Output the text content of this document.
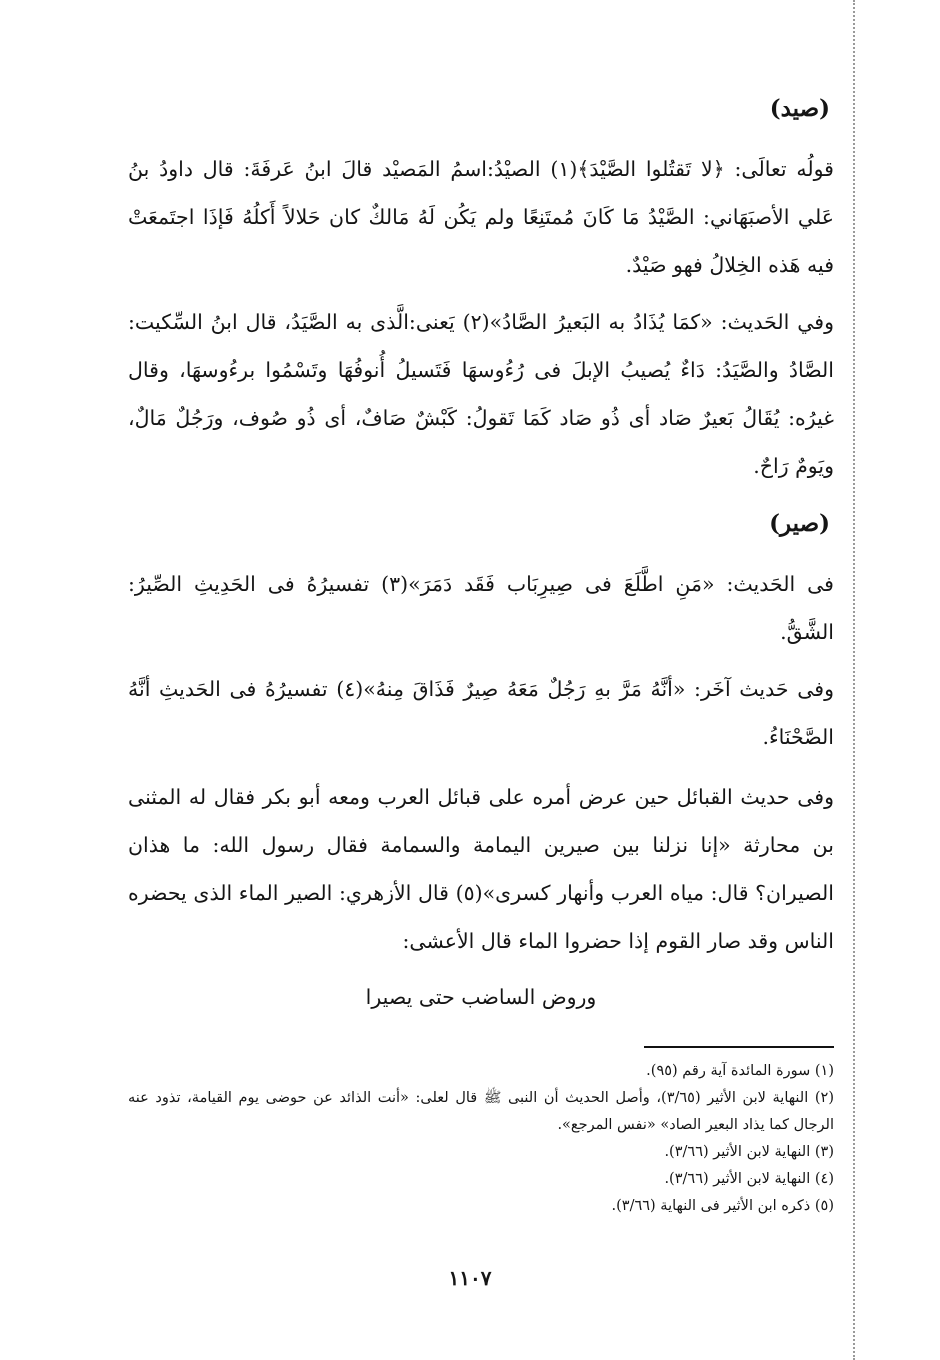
(صيد)
قولُه تعالَى: ﴿لا تَقتُلوا الصَّيْدَ﴾(١) الصيْدُ:اسمُ المَصيْد قالَ ابنُ عَرفَةَ: قال داودُ بنُ عَلي الأصبَهَاني: الصَّيْدُ مَا كَانَ مُمتَنِعًا ولم يَكُن لَهُ مَالكٌ كان حَلالاً أَكلُهُ فَإذَا اجتَمعَتْ فيه هَذه الخِلالُ فهو صَيْدٌ.
وفي الحَديث: «كمَا يُذَادُ به البَعيرُ الصَّادُ»(٢) يَعنى:الَّذى به الصَّيَدُ، قال ابنُ السِّكيت: الصَّادُ والصَّيَدُ: دَاءٌ يُصيبُ الإبلَ فى رُءُوسهَا فَتَسيلُ أُنوفُهَا وتَسْمُوا برءُوسهَا، وقال غيرُه: يُقَالُ بَعيرٌ صَاد أى ذُو صَاد كَمَا تَقولُ: كَبْشٌ صَافٌ، أى ذُو صُوف، ورَجُلٌ مَالٌ، ويَومٌ رَاحٌ.
(صير)
فى الحَديث: «مَنِ اطَّلَعَ فى صِيرِبَاب فَقَد دَمَرَ»(٣) تفسيرُهُ فى الحَدِيثِ الصِّيرُ: الشَّقُّ.
وفى حَديث آخَر: «أنَّهُ مَرَّ بهِ رَجُلٌ مَعَهُ صِيرٌ فَذَاقَ مِنهُ»(٤) تفسيرُهُ فى الحَديثِ أنَّهُ الصَّحْنَاءُ.
وفى حديث القبائل حين عرض أمره على قبائل العرب ومعه أبو بكر فقال له المثنى بن محارثة «إنا نزلنا بين صيرين اليمامة والسمامة فقال رسول الله: ما هذان الصيران؟ قال: مياه العرب وأنهار كسرى»(٥) قال الأزهري: الصير الماء الذى يحضره الناس وقد صار القوم إذا حضروا الماء قال الأعشى:
وروض الساضب حتى يصيرا
(١) سورة المائدة آية رقم (٩٥).
(٢) النهاية لابن الأثير (٣/٦٥)، وأصل الحديث أن النبى ﷺ قال لعلى: «أنت الذائد عن حوضى يوم القيامة، تذود عنه الرجال كما يذاد البعير الصاد» «نفس المرجع».
(٣) النهاية لابن الأثير (٣/٦٦).
(٤) النهاية لابن الأثير (٣/٦٦).
(٥) ذكره ابن الأثير فى النهاية (٣/٦٦).
١١٠٧
